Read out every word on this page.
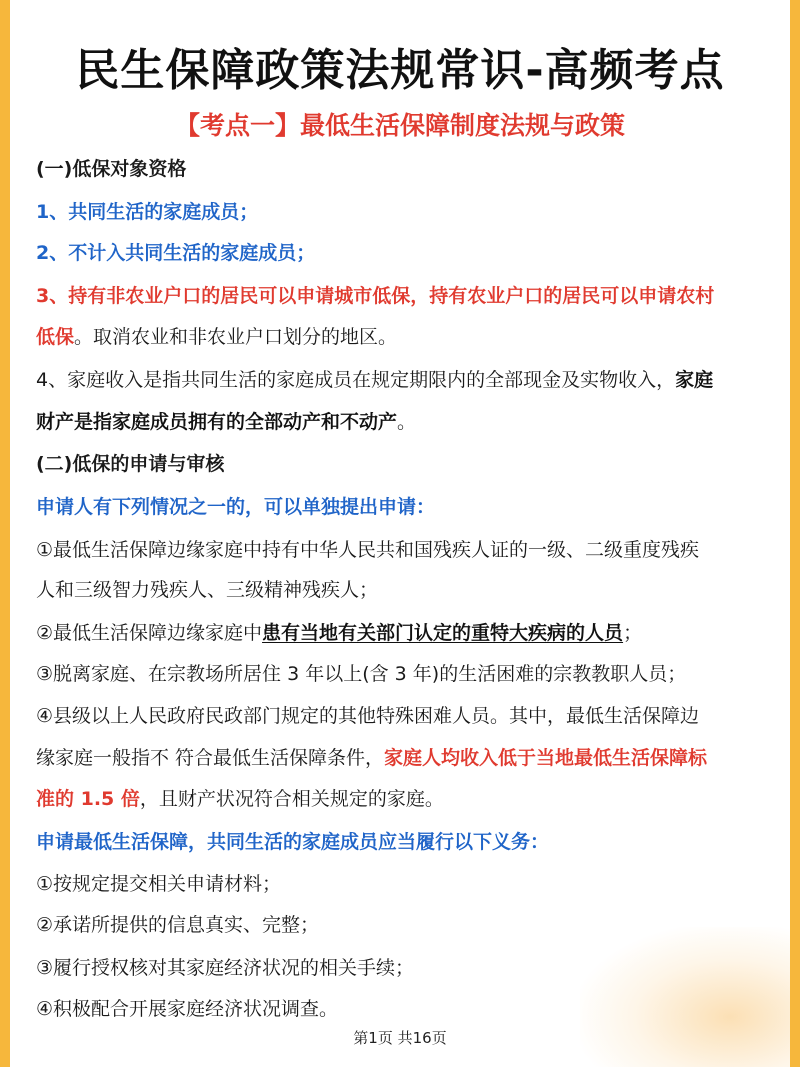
民生保障政策法规常识-高频考点
【考点一】最低生活保障制度法规与政策
(一)低保对象资格
1、共同生活的家庭成员；
2、不计入共同生活的家庭成员；
3、持有非农业户口的居民可以申请城市低保，持有农业户口的居民可以申请农村
低保。取消农业和非农业户口划分的地区。
4、家庭收入是指共同生活的家庭成员在规定期限内的全部现金及实物收入，家庭
财产是指家庭成员拥有的全部动产和不动产。
(二)低保的申请与审核
申请人有下列情况之一的，可以单独提出申请：
①最低生活保障边缘家庭中持有中华人民共和国残疾人证的一级、二级重度残疾
人和三级智力残疾人、三级精神残疾人；
②最低生活保障边缘家庭中患有当地有关部门认定的重特大疾病的人员；
③脱离家庭、在宗教场所居住 3 年以上(含 3 年)的生活困难的宗教教职人员；
④县级以上人民政府民政部门规定的其他特殊困难人员。其中，最低生活保障边
缘家庭一般指不 符合最低生活保障条件，家庭人均收入低于当地最低生活保障标
准的 1.5 倍，且财产状况符合相关规定的家庭。
申请最低生活保障，共同生活的家庭成员应当履行以下义务：
①按规定提交相关申请材料；
②承诺所提供的信息真实、完整；
③履行授权核对其家庭经济状况的相关手续；
④积极配合开展家庭经济状况调查。
第1页 共16页
